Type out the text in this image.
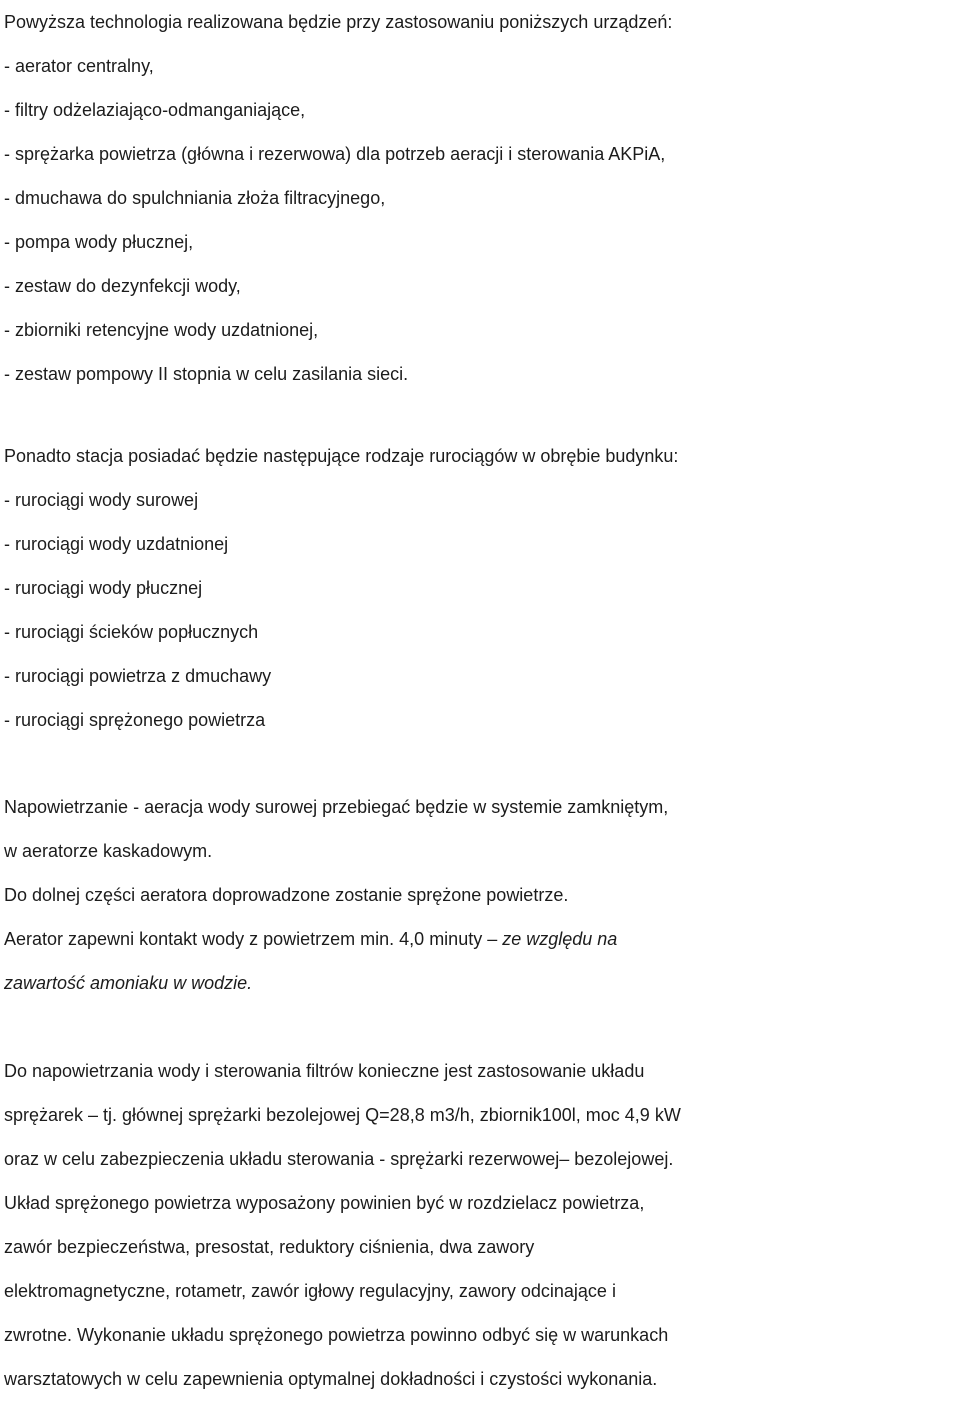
Powyższa technologia realizowana będzie przy zastosowaniu poniższych urządzeń:
- aerator centralny,
- filtry odżelaziająco-odmanganiające,
- sprężarka powietrza (główna i rezerwowa) dla potrzeb aeracji i sterowania AKPiA,
- dmuchawa do spulchniania złoża filtracyjnego,
- pompa wody płucznej,
- zestaw do dezynfekcji wody,
- zbiorniki retencyjne wody uzdatnionej,
- zestaw pompowy II stopnia w celu zasilania sieci.
Ponadto stacja posiadać będzie następujące rodzaje rurociągów w obrębie budynku:
- rurociągi wody surowej
- rurociągi wody uzdatnionej
- rurociągi wody płucznej
- rurociągi ścieków popłucznych
- rurociągi powietrza z dmuchawy
- rurociągi sprężonego powietrza
Napowietrzanie - aeracja wody surowej przebiegać będzie w systemie zamkniętym,
w aeratorze kaskadowym.
Do dolnej części aeratora doprowadzone zostanie sprężone powietrze.
Aerator zapewni kontakt wody z powietrzem min. 4,0 minuty – ze względu na
zawartość amoniaku w wodzie.
Do napowietrzania wody i sterowania filtrów konieczne jest zastosowanie układu
sprężarek – tj. głównej sprężarki bezolejowej Q=28,8 m3/h, zbiornik100l, moc 4,9 kW
oraz w celu zabezpieczenia układu sterowania - sprężarki rezerwowej– bezolejowej.
Układ sprężonego powietrza wyposażony powinien być w rozdzielacz powietrza,
zawór bezpieczeństwa, presostat, reduktory ciśnienia, dwa zawory
elektromagnetyczne, rotametr, zawór igłowy regulacyjny, zawory odcinające i
zwrotne. Wykonanie układu sprężonego powietrza powinno odbyć się w warunkach
warsztatowych w celu zapewnienia optymalnej dokładności i czystości wykonania.
